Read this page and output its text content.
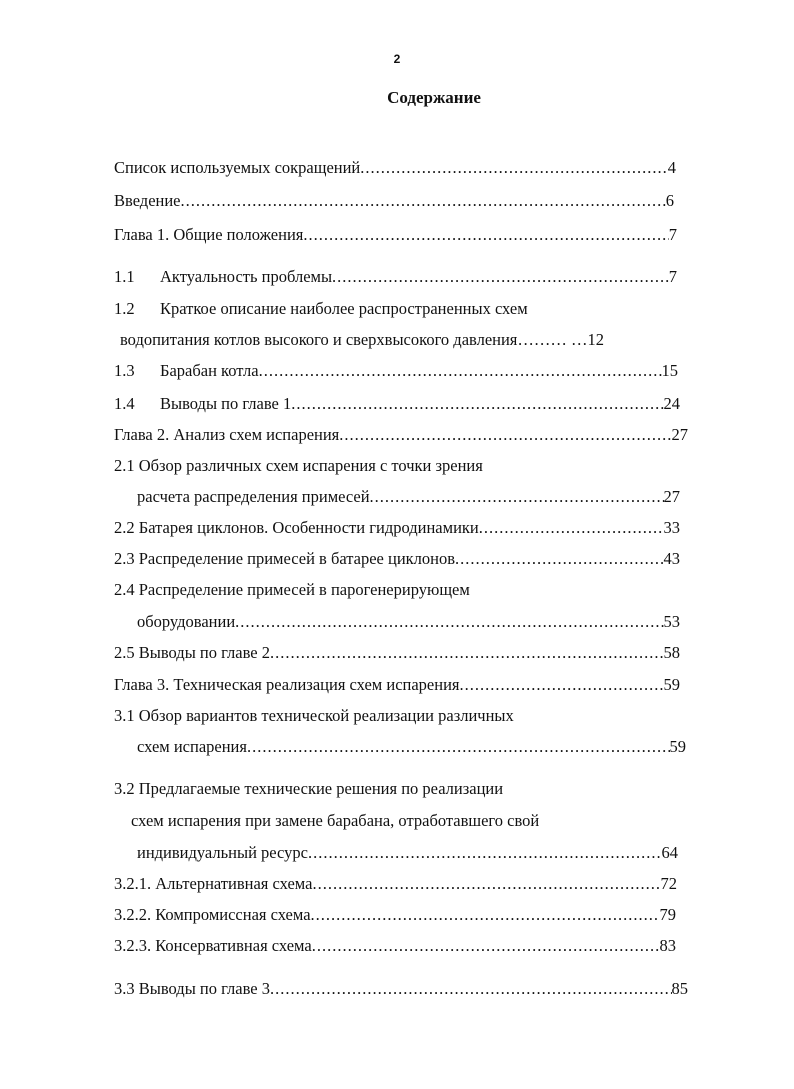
2
Содержание
Список используемых сокращений .....	4
Введение .....	6
Глава 1. Общие положения .....	7
1.1	Актуальность проблемы .....	7
1.2	Краткое описание наиболее распространенных схем
водопитания котлов высокого и сверхвысокого давления……… … 12
1.3	Барабан котла .....	15
1.4	Выводы по главе 1 .....	24
Глава 2. Анализ схем испарения .....	27
2.1 Обзор различных схем испарения с точки зрения
расчета распределения примесей .....	27
2.2 Батарея циклонов. Особенности гидродинамики .....	33
2.3 Распределение примесей в батарее циклонов .....	43
2.4 Распределение примесей в парогенерирующем
оборудовании .....	53
2.5 Выводы по главе 2 .....	58
Глава 3. Техническая реализация схем испарения .....	59
3.1 Обзор вариантов технической реализации различных
схем испарения .....	59
3.2 Предлагаемые технические решения по реализации
схем испарения при замене барабана, отработавшего свой
индивидуальный ресурс .....	64
3.2.1. Альтернативная схема .....	72
3.2.2. Компромиссная схема .....	79
3.2.3. Консервативная схема .....	83
3.3 Выводы по главе 3 .....	85
